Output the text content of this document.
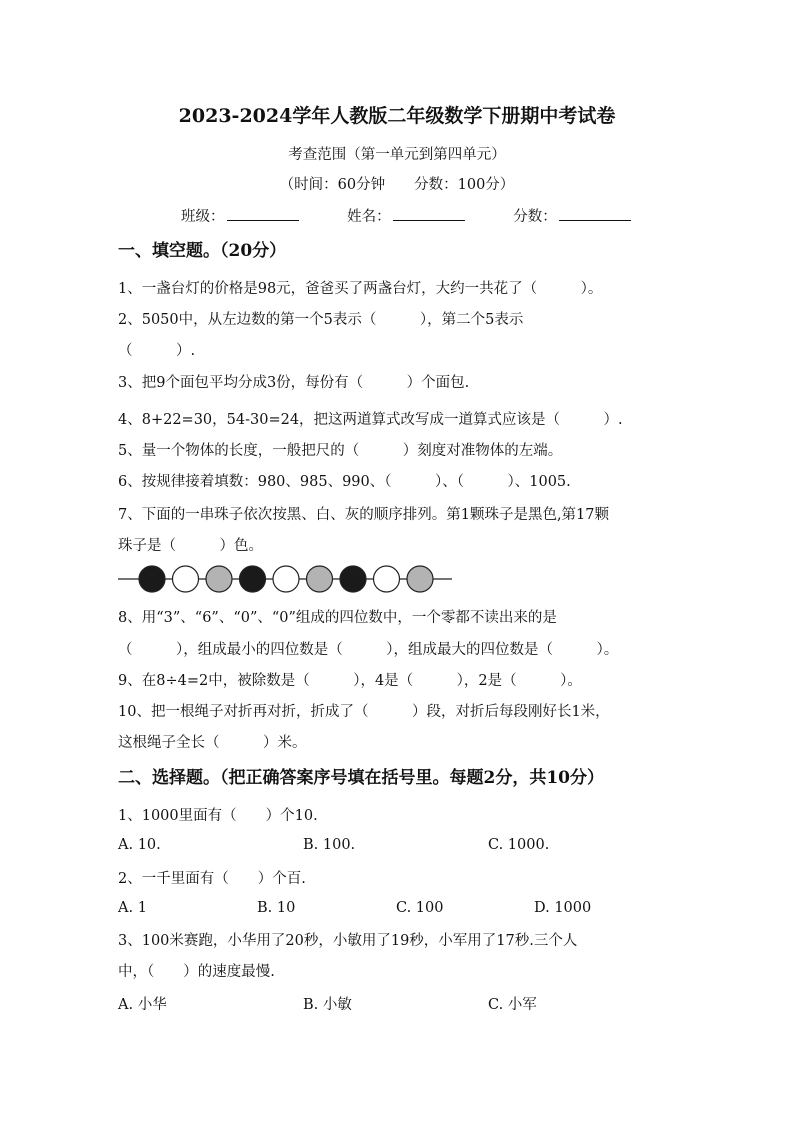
2023-2024学年人教版二年级数学下册期中考试卷
考查范围（第一单元到第四单元）
（时间：60分钟　　分数：100分）
班级：	姓名：	分数：
一、填空题。（20分）
1、一盏台灯的价格是98元，爸爸买了两盏台灯，大约一共花了（　　　）。
2、5050中，从左边数的第一个5表示（　　　），第二个5表示
（　　　）.
3、把9个面包平均分成3份，每份有（　　　）个面包.
4、8+22=30，54-30=24，把这两道算式改写成一道算式应该是（　　　）.
5、量一个物体的长度，一般把尺的（　　　）刻度对准物体的左端。
6、按规律接着填数：980、985、990、（　　　）、（　　　）、1005.
7、下面的一串珠子依次按黑、白、灰的顺序排列。第1颗珠子是黑色,第17颗
珠子是（　　　）色。
8、用“3”、“6”、“0”、“0”组成的四位数中，一个零都不读出来的是
（　　　），组成最小的四位数是（　　　），组成最大的四位数是（　　　）。
9、在8÷4=2中，被除数是（　　　），4是（　　　），2是（　　　）。
10、把一根绳子对折再对折，折成了（　　　）段，对折后每段刚好长1米，
这根绳子全长（　　　）米。
二、选择题。（把正确答案序号填在括号里。每题2分，共10分）
1、1000里面有（　　）个10.
A. 10.	B. 100.	C. 1000.
2、一千里面有（　　）个百.
A. 1	B. 10	C. 100	D. 1000
3、100米赛跑，小华用了20秒，小敏用了19秒，小军用了17秒.三个人
中，（　　）的速度最慢.
A. 小华	B. 小敏	C. 小军
